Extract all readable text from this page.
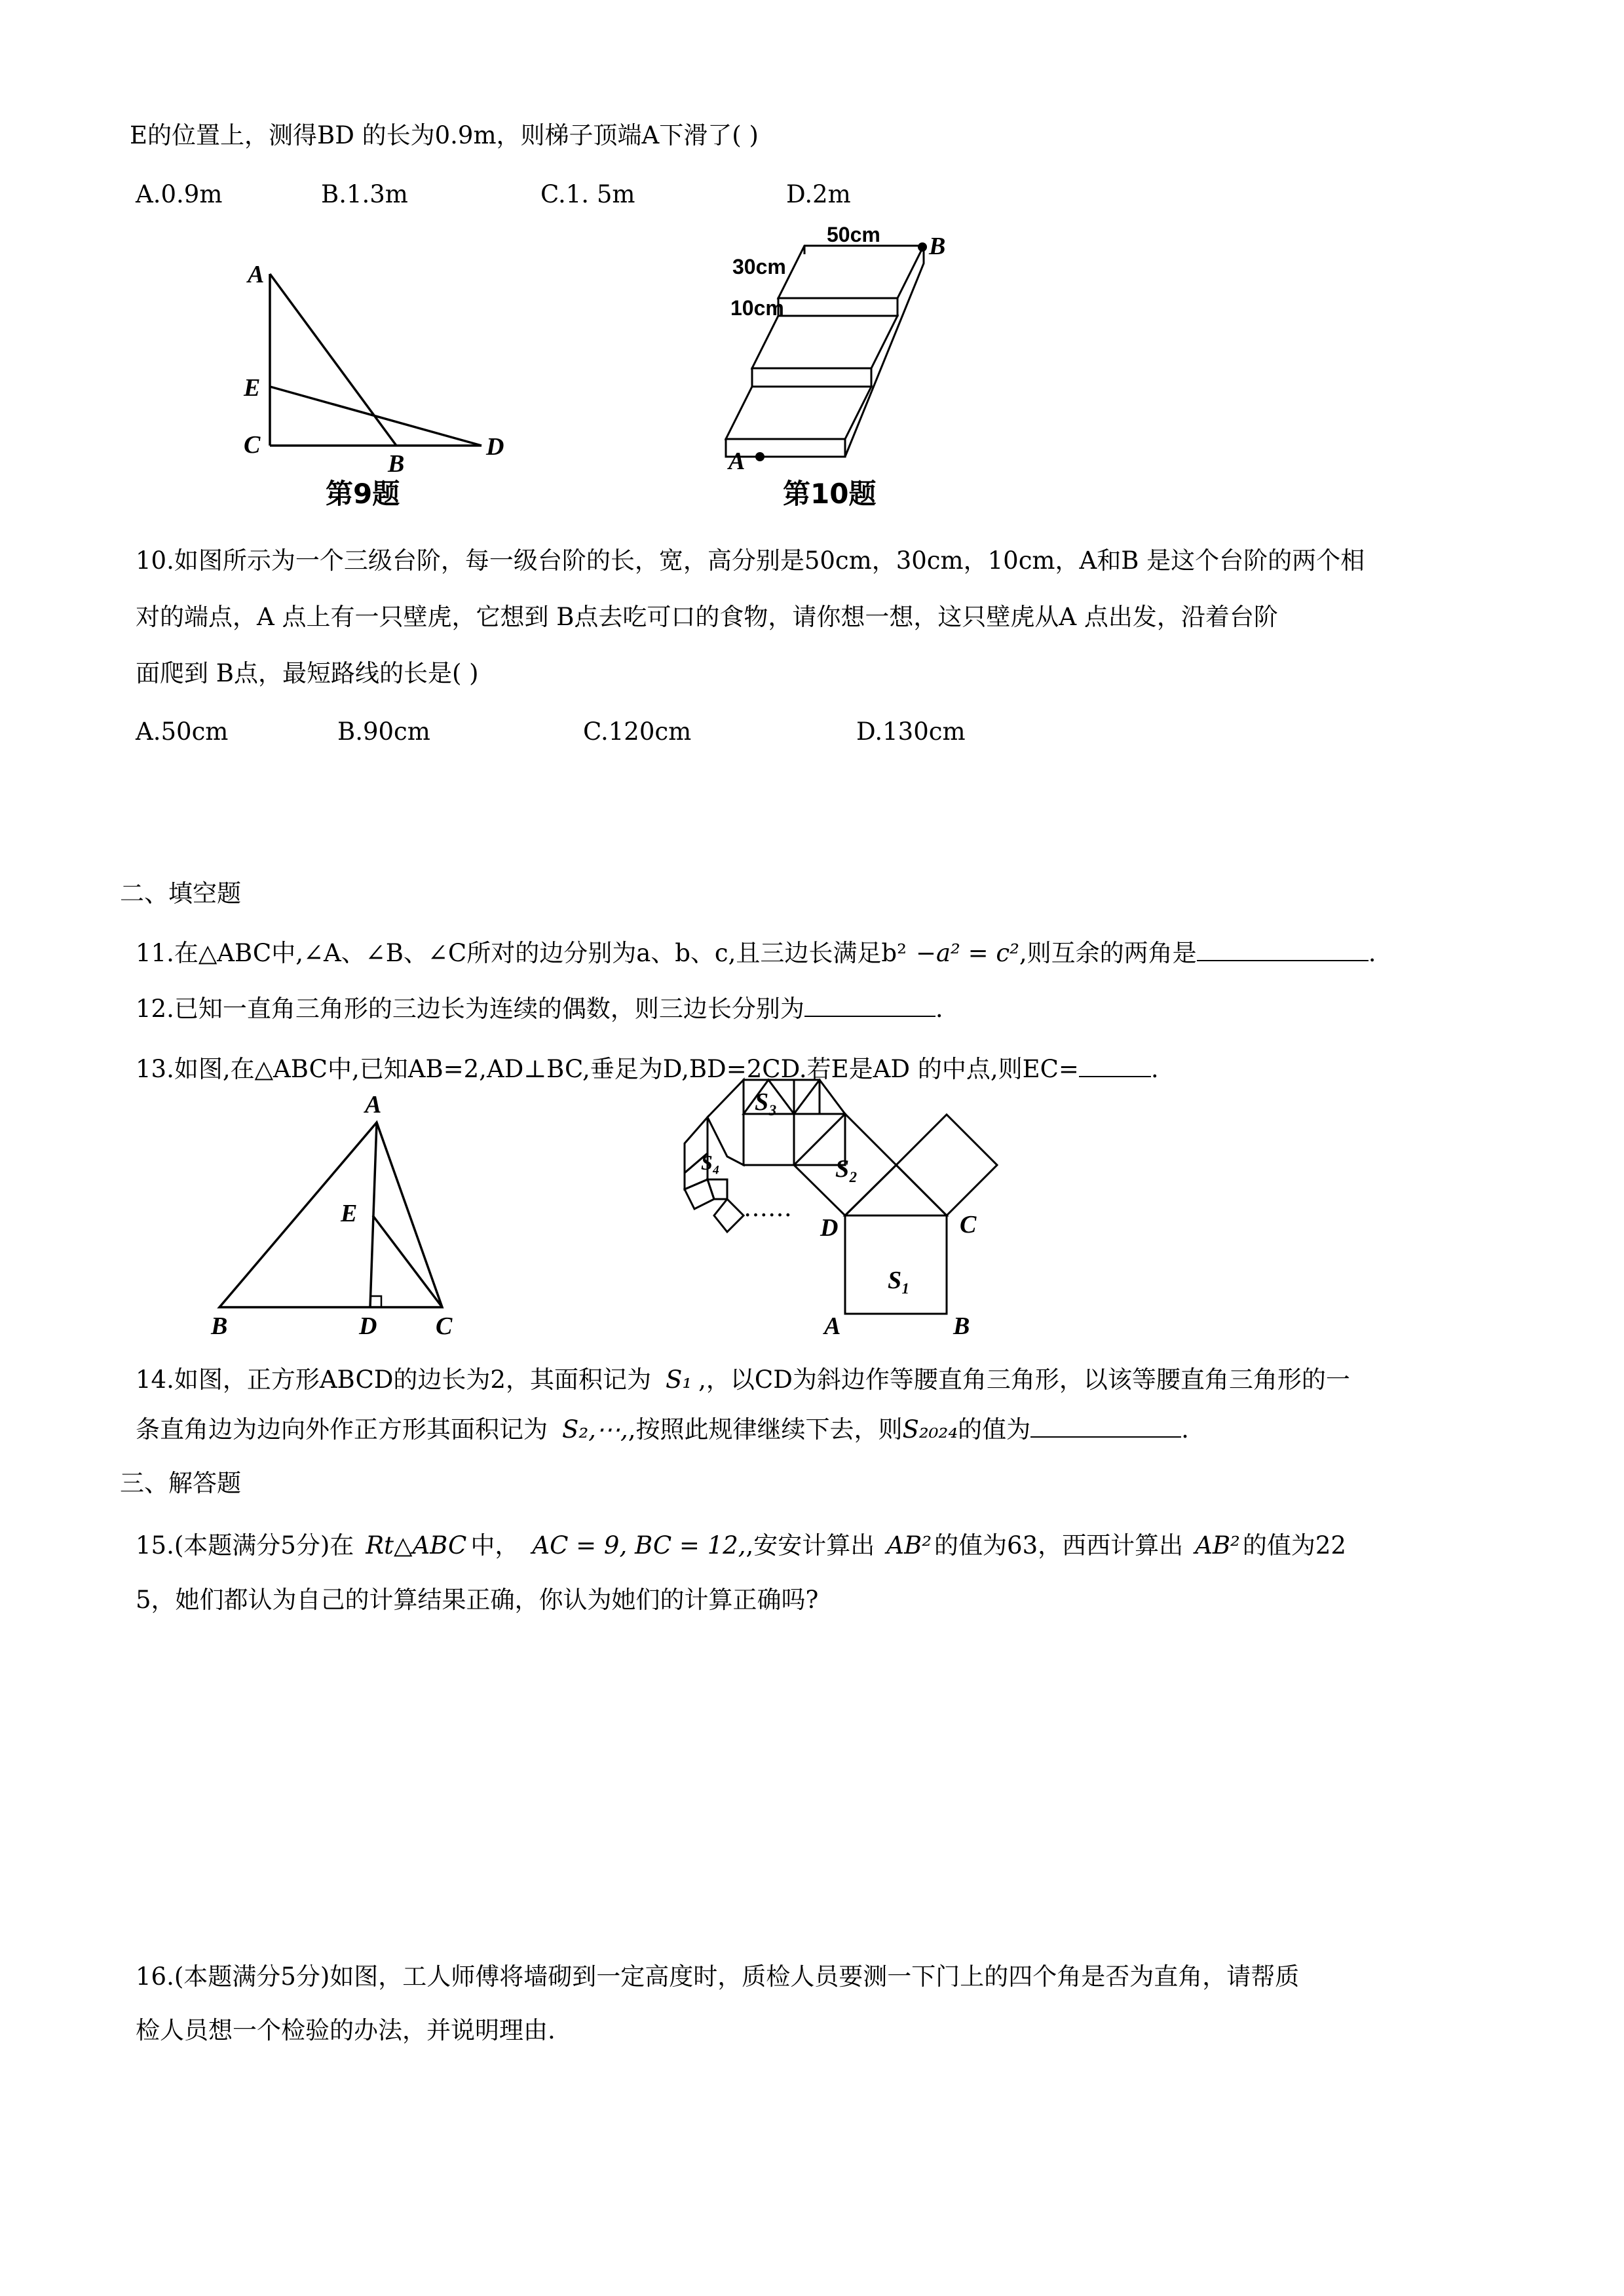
E的位置上，测得BD 的长为0.9m，则梯子顶端A下滑了( )
A.0.9m	B.1.3m	C.1. 5m	D.2m
A
E
C
B
D
第9题
50cm
30cm
10cm
A
B
第10题
10.如图所示为一个三级台阶，每一级台阶的长，宽，高分别是50cm，30cm，10cm，A和B 是这个台阶的两个相
对的端点，A 点上有一只壁虎，它想到 B点去吃可口的食物，请你想一想，这只壁虎从A 点出发，沿着台阶
面爬到 B点，最短路线的长是( )
A.50cm	B.90cm	C.120cm	D.130cm
二、填空题
11.在△ABC中,∠A、∠B、∠C所对的边分别为a、b、c,且三边长满足b² −a² = c²,则互余的两角是	.
12.已知一直角三角形的三边长为连续的偶数，则三边长分别为	.
13.如图,在△ABC中,已知AB=2,AD⊥BC,垂足为D,BD=2CD.若E是AD 的中点,则EC=	.
A
E
B	D C
S₃
S₄	S₂
D	C
S₁
A	B
……
14.如图，正方形ABCD的边长为2，其面积记为 S₁ ,，以CD为斜边作等腰直角三角形，以该等腰直角三角形的一
条直角边为边向外作正方形其面积记为 S₂,⋯,,按照此规律继续下去，则S₂₀₂₄的值为	.
三、解答题
15.(本题满分5分)在 Rt△ABC 中， AC = 9, BC = 12,,安安计算出 AB² 的值为63，西西计算出 AB² 的值为22
5，她们都认为自己的计算结果正确，你认为她们的计算正确吗?
16.(本题满分5分)如图，工人师傅将墙砌到一定高度时，质检人员要测一下门上的四个角是否为直角，请帮质
检人员想一个检验的办法，并说明理由.
